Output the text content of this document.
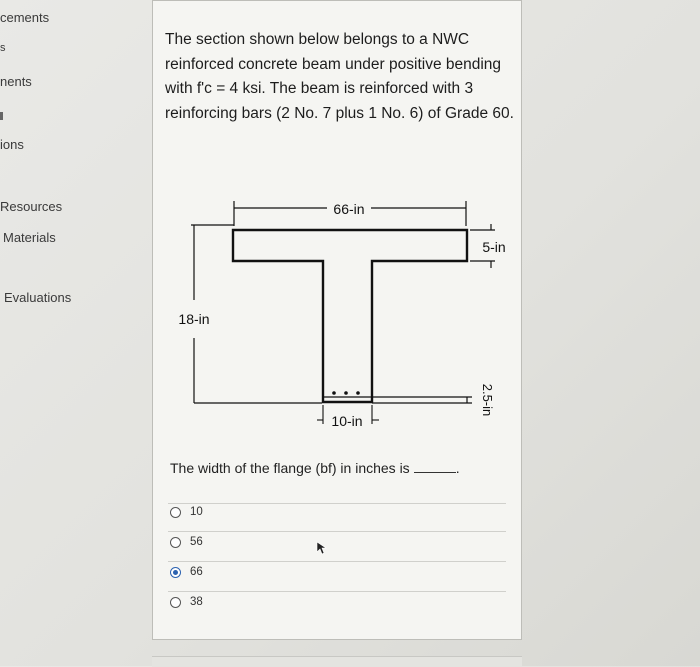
cements
s
nents
ions
Resources
Materials
Evaluations

The section shown below belongs to a NWC reinforced concrete beam under positive bending with f'c = 4 ksi. The beam is reinforced with 3 reinforcing bars (2 No. 7 plus 1 No. 6) of Grade 60.

66-in
18-in
5-in
2.5-in
10-in
The width of the flange (bf) in inches is	.
10
56
66
38
